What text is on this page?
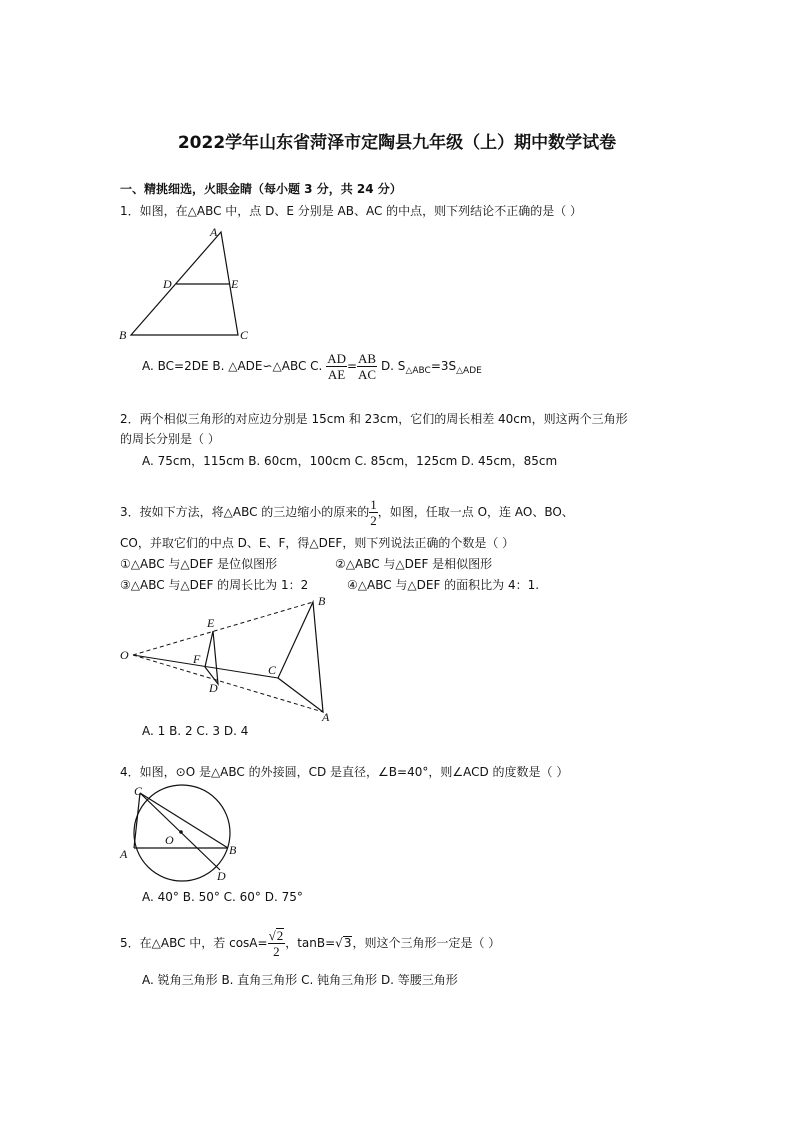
2022学年山东省菏泽市定陶县九年级（上）期中数学试卷
一、精挑细选，火眼金睛（每小题 3 分，共 24 分）
1．如图，在△ABC 中，点 D、E 分别是 AB、AC 的中点，则下列结论不正确的是（ ）
A
D	E
B	C
A. BC=2DE B. △ADE∽△ABC C. $\frac{AD}{AE} = \frac{AB}{AC} D$. $S_{\triangle ABC}=3S_{\triangle ADE}$
2．两个相似三角形的对应边分别是 15cm 和 23cm，它们的周长相差 40cm，则这两个三角形
的周长分别是（ ）
A. 75cm，115cm B. 60cm，100cm C. 85cm，125cm D. 45cm，85cm
3．按如下方法，将△ABC 的三边缩小的原来的 $\frac{1}{2}$ ，如图，任取一点 O，连 AO、BO、
CO，并取它们的中点 D、E、F，得△DEF，则下列说法正确的个数是（ ）
①△ABC 与△DEF 是位似图形	②△ABC 与△DEF 是相似图形
③△ABC 与△DEF 的周长比为 1：2	④△ABC 与△DEF 的面积比为 4：1.
O
E
F
D
C
B
A
A. 1 B. 2 C. 3 D. 4
4．如图，⊙O 是△ABC 的外接圆，CD 是直径，∠B=40°，则∠ACD 的度数是（ ）
C
O
A	B
D
A. 40° B. 50° C. 60° D. 75°
5．在△ABC 中，若 $\cos A= \frac{√2}{2}$ ，tanB=√3，则这个三角形一定是（ ）
A. 锐角三角形 B. 直角三角形 C. 钝角三角形 D. 等腰三角形
